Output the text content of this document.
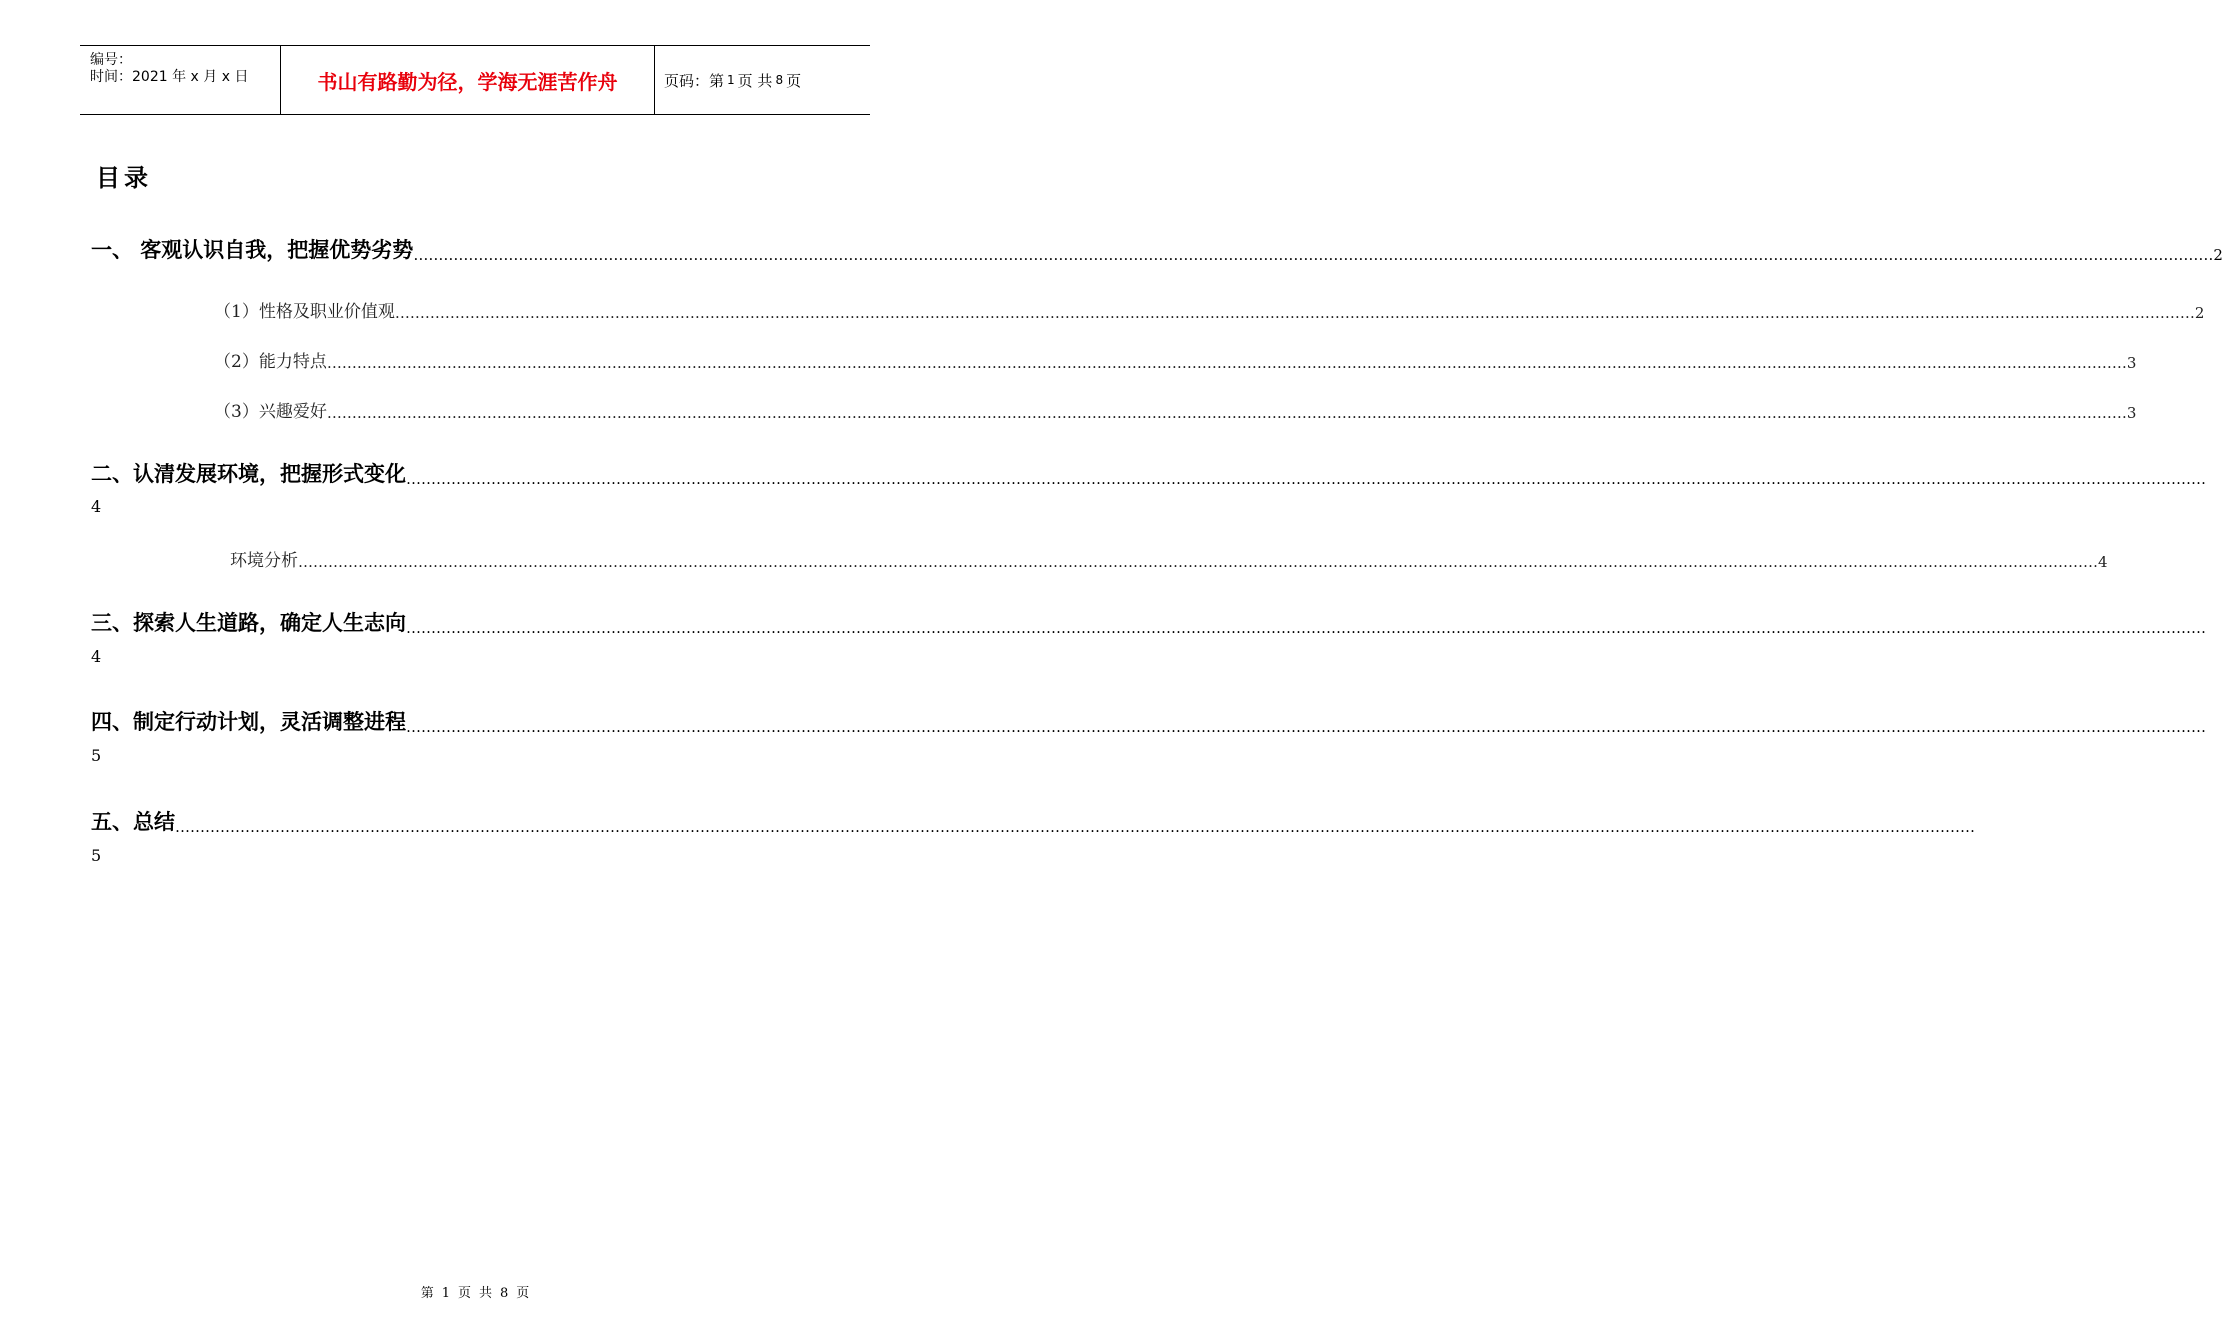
编号：
时间：2021 年 x 月 x 日	书山有路勤为径，学海无涯苦作舟	页码：第 1 页 共 8 页
目录
一、 客观认识自我，把握优势劣势 ……………………………………………………………………………………………………………………………………………………………………………………………………………………………………………………………………………………………………………………………… 2
（1）性格及职业价值观 ……………………………………………………………………………………………………………………………………………………………………………………………………………………………………………………………………………………………………………………………… 2
（2）能力特点 ……………………………………………………………………………………………………………………………………………………………………………………………………………………………………………………………………………………………………………………………… 3
（3）兴趣爱好 ……………………………………………………………………………………………………………………………………………………………………………………………………………………………………………………………………………………………………………………………… 3
二、认清发展环境，把握形式变化 ………………………………………………………………………………………………………………………………………………………………………………………………………………………………………………………………………………………………………………………………
4
环境分析 ……………………………………………………………………………………………………………………………………………………………………………………………………………………………………………………………………………………………………………………………… 4
三、探索人生道路，确定人生志向 ………………………………………………………………………………………………………………………………………………………………………………………………………………………………………………………………………………………………………………………………
4
四、制定行动计划，灵活调整进程 ………………………………………………………………………………………………………………………………………………………………………………………………………………………………………………………………………………………………………………………………
5
五、总结 ………………………………………………………………………………………………………………………………………………………………………………………………………………………………………………………………………………………………………………………………
5
第 1 页 共 8 页
